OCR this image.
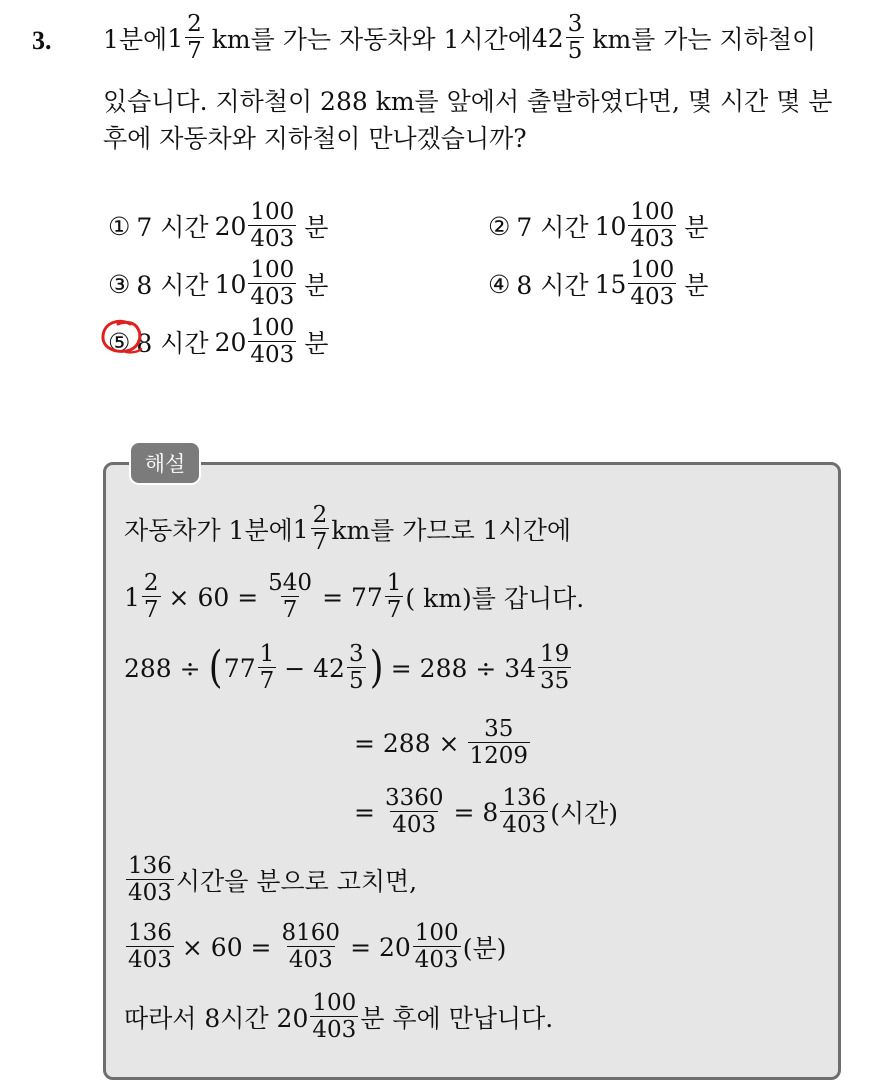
3. 1분에 $1 \frac{2}{7}$ km를 가는 자동차와 1시간에 $42 \frac{3}{5}$ km를 가는 지하철이
있습니다. 지하철이 288 km를 앞에서 출발하였다면, 몇 시간 몇 분
후에 자동차와 지하철이 만나겠습니까?
① 7 시간 $20 \frac{100}{403}$ 분	② 7 시간 $10 \frac{100}{403}$ 분
③ 8 시간 $10 \frac{100}{403}$ 분	④ 8 시간 $15 \frac{100}{403}$ 분
⑤ 8 시간 $20 \frac{100}{403}$ 분
해설
자동차가 1분에 $1 \frac{2}{7}$ km를 가므로 1시간에
$1 \frac{2}{7} \times 60 = \frac{540}{7} = 77 \frac{1}{7}$ ( km)를 갑니다.
288 ÷ ( $77 \frac{1}{7} - 42 \frac{3}{5}$ ) = $288 \div 34 \frac{19}{35}$
= $288 \times \frac{35}{1209}$
= $\frac{3360}{403} = 8 \frac{136}{403}$ (시간)
$\frac{136}{403}$ 시간을 분으로 고치면,
$\frac{136}{403} \times 60 = \frac{8160}{403} = 20 \frac{100}{403}$ (분)
따라서 8시간 $20 \frac{100}{403}$ 분 후에 만납니다.
